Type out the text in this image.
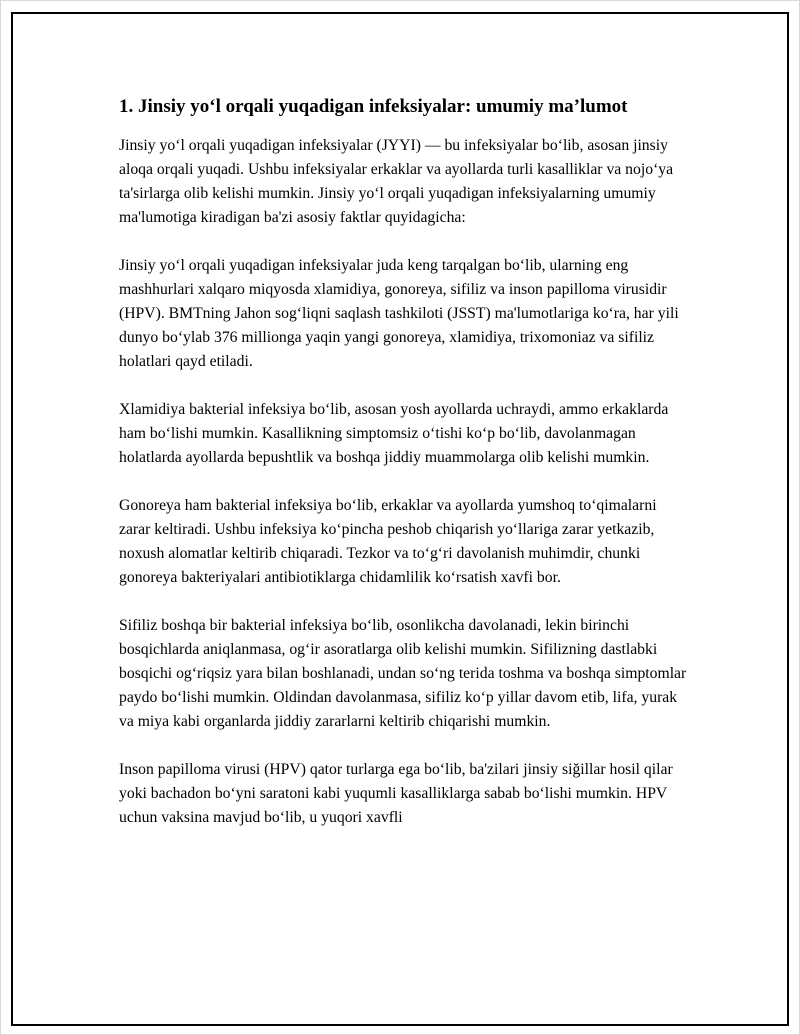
1. Jinsiy yo‘l orqali yuqadigan infeksiyalar: umumiy ma’lumot

Jinsiy yo‘l orqali yuqadigan infeksiyalar (JYYI) — bu infeksiyalar bo‘lib, asosan jinsiy aloqa orqali yuqadi. Ushbu infeksiyalar erkaklar va ayollarda turli kasalliklar va nojo‘ya ta'sirlarga olib kelishi mumkin. Jinsiy yo‘l orqali yuqadigan infeksiyalarning umumiy ma'lumotiga kiradigan ba'zi asosiy faktlar quyidagicha:

Jinsiy yo‘l orqali yuqadigan infeksiyalar juda keng tarqalgan bo‘lib, ularning eng mashhurlari xalqaro miqyosda xlamidiya, gonoreya, sifiliz va inson papilloma virusidir (HPV). BMTning Jahon sog‘liqni saqlash tashkiloti (JSST) ma'lumotlariga ko‘ra, har yili dunyo bo‘ylab 376 millionga yaqin yangi gonoreya, xlamidiya, trixomoniaz va sifiliz holatlari qayd etiladi.

Xlamidiya bakterial infeksiya bo‘lib, asosan yosh ayollarda uchraydi, ammo erkaklarda ham bo‘lishi mumkin. Kasallikning simptomsiz o‘tishi ko‘p bo‘lib, davolanmagan holatlarda ayollarda bepushtlik va boshqa jiddiy muammolarga olib kelishi mumkin.

Gonoreya ham bakterial infeksiya bo‘lib, erkaklar va ayollarda yumshoq to‘qimalarni zarar keltiradi. Ushbu infeksiya ko‘pincha peshob chiqarish yo‘llariga zarar yetkazib, noxush alomatlar keltirib chiqaradi. Tezkor va to‘g‘ri davolanish muhimdir, chunki gonoreya bakteriyalari antibiotiklarga chidamlilik ko‘rsatish xavfi bor.

Sifiliz boshqa bir bakterial infeksiya bo‘lib, osonlikcha davolanadi, lekin birinchi bosqichlarda aniqlanmasa, og‘ir asoratlarga olib kelishi mumkin. Sifilizning dastlabki bosqichi og‘riqsiz yara bilan boshlanadi, undan so‘ng terida toshma va boshqa simptomlar paydo bo‘lishi mumkin. Oldindan davolanmasa, sifiliz ko‘p yillar davom etib, lifa, yurak va miya kabi organlarda jiddiy zararlarni keltirib chiqarishi mumkin.

Inson papilloma virusi (HPV) qator turlarga ega bo‘lib, ba'zilari jinsiy siğillar hosil qilar yoki bachadon bo‘yni saratoni kabi yuqumli kasalliklarga sabab bo‘lishi mumkin. HPV uchun vaksina mavjud bo‘lib, u yuqori xavfli
